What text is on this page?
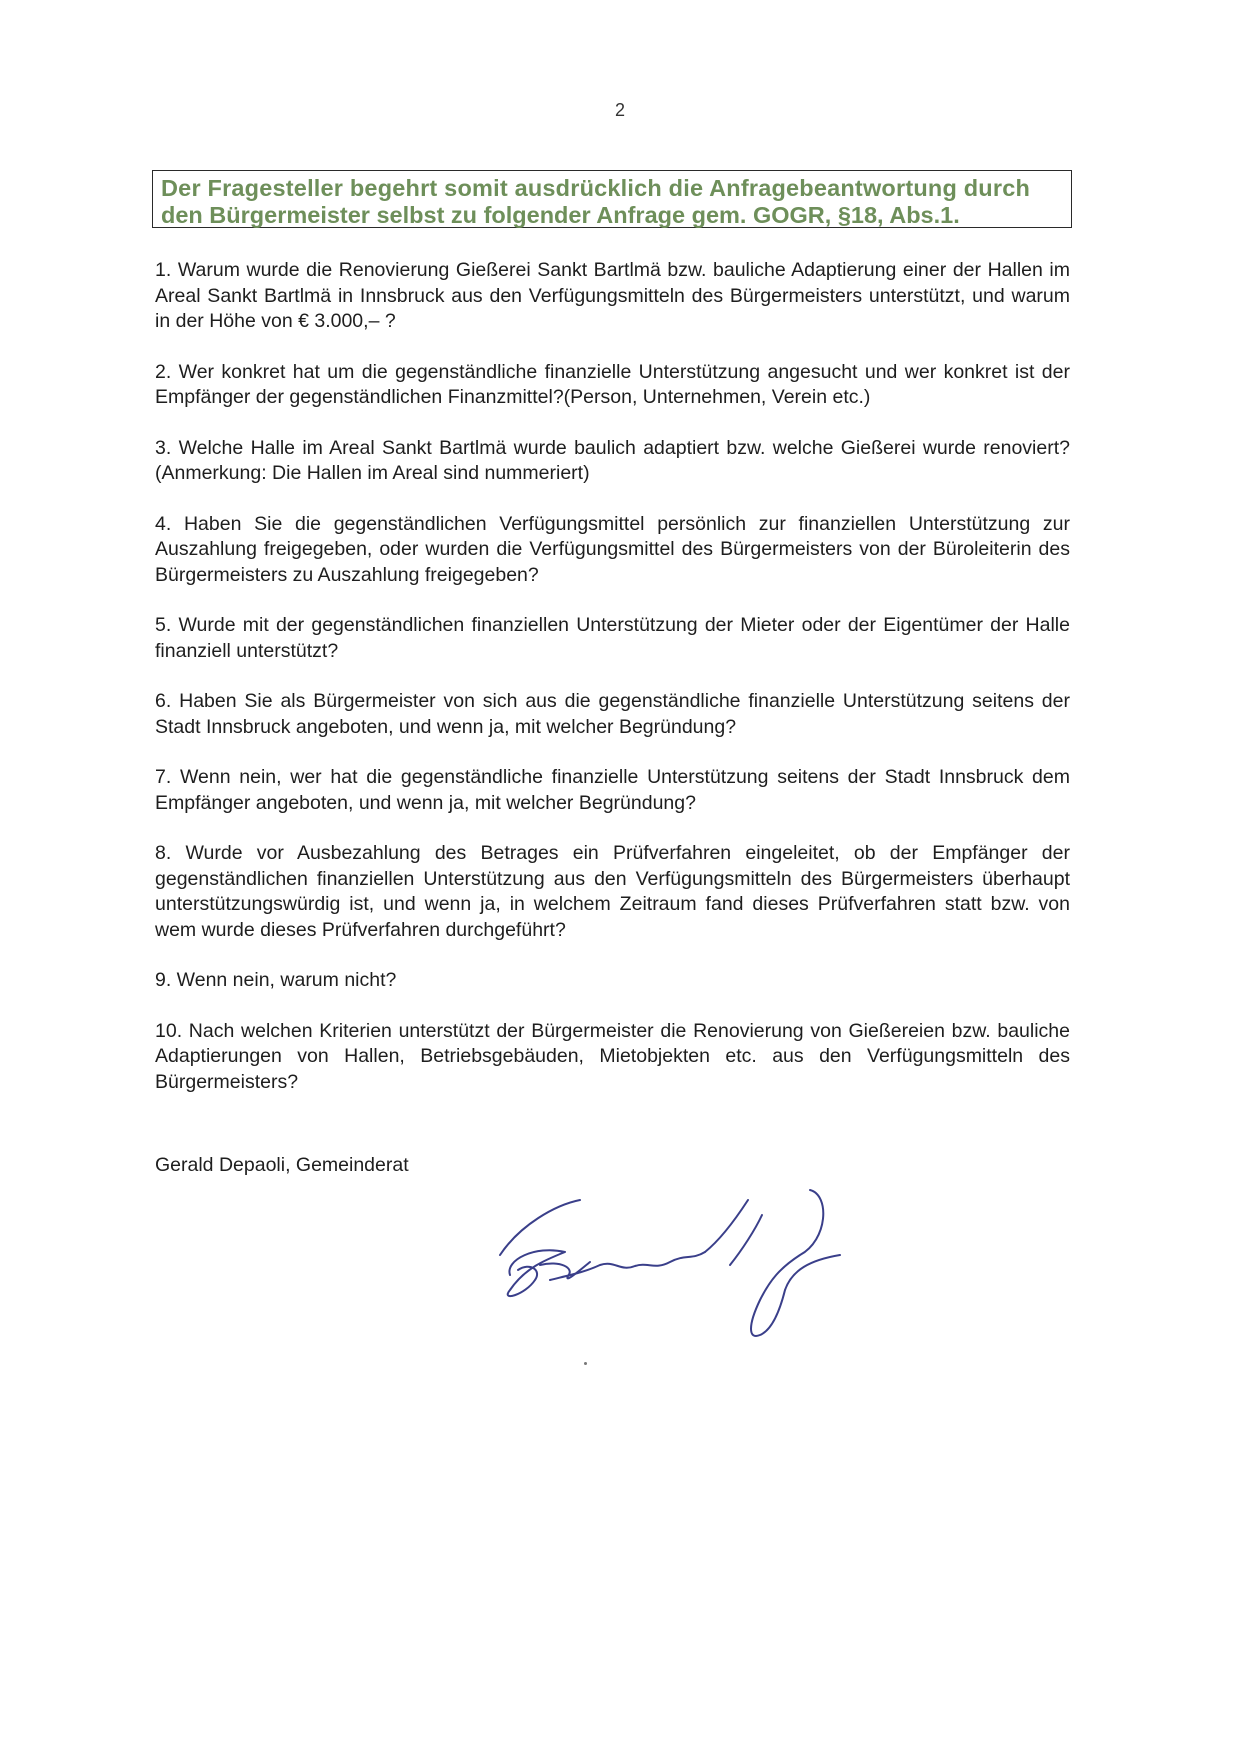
2
Der Fragesteller begehrt somit ausdrücklich die Anfragebeantwortung durch
den Bürgermeister selbst zu folgender Anfrage gem. GOGR, §18, Abs.1.

1. Warum wurde die Renovierung Gießerei Sankt Bartlmä bzw. bauliche Adaptierung einer der Hallen im Areal Sankt Bartlmä in Innsbruck aus den Verfügungsmitteln des Bürgermeisters unterstützt, und warum in der Höhe von € 3.000,– ?

2. Wer konkret hat um die gegenständliche finanzielle Unterstützung angesucht und wer konkret ist der Empfänger der gegenständlichen Finanzmittel?(Person, Unternehmen, Verein etc.)

3. Welche Halle im Areal Sankt Bartlmä wurde baulich adaptiert bzw. welche Gießerei wurde renoviert? (Anmerkung: Die Hallen im Areal sind nummeriert)

4. Haben Sie die gegenständlichen Verfügungsmittel persönlich zur finanziellen Unterstützung zur Auszahlung freigegeben, oder wurden die Verfügungsmittel des Bürgermeisters von der Büroleiterin des Bürgermeisters zu Auszahlung freigegeben?

5. Wurde mit der gegenständlichen finanziellen Unterstützung der Mieter oder der Eigentümer der Halle finanziell unterstützt?

6. Haben Sie als Bürgermeister von sich aus die gegenständliche finanzielle Unterstützung seitens der Stadt Innsbruck angeboten, und wenn ja, mit welcher Begründung?

7. Wenn nein, wer hat die gegenständliche finanzielle Unterstützung seitens der Stadt Innsbruck dem Empfänger angeboten, und wenn ja, mit welcher Begründung?

8. Wurde vor Ausbezahlung des Betrages ein Prüfverfahren eingeleitet, ob der Empfänger der gegenständlichen finanziellen Unterstützung aus den Verfügungsmitteln des Bürgermeisters überhaupt unterstützungswürdig ist, und wenn ja, in welchem Zeitraum fand dieses Prüfverfahren statt bzw. von wem wurde dieses Prüfverfahren durchgeführt?

9. Wenn nein, warum nicht?

10. Nach welchen Kriterien unterstützt der Bürgermeister die Renovierung von Gießereien bzw. bauliche Adaptierungen von Hallen, Betriebsgebäuden, Mietobjekten etc. aus den Verfügungsmitteln des Bürgermeisters?

Gerald Depaoli, Gemeinderat
